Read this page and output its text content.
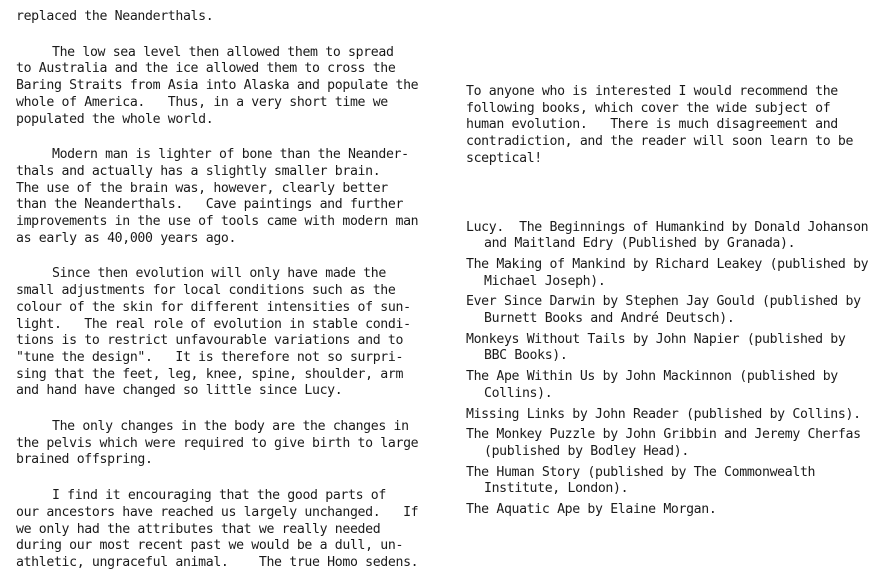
replaced the Neanderthals.
The low sea level then allowed them to spread
to Australia and the ice allowed them to cross the
Baring Straits from Asia into Alaska and populate the
whole of America.   Thus, in a very short time we
populated the whole world.
Modern man is lighter of bone than the Neander-
thals and actually has a slightly smaller brain.
The use of the brain was, however, clearly better
than the Neanderthals.   Cave paintings and further
improvements in the use of tools came with modern man
as early as 40,000 years ago.
Since then evolution will only have made the
small adjustments for local conditions such as the
colour of the skin for different intensities of sun-
light.   The real role of evolution in stable condi-
tions is to restrict unfavourable variations and to
"tune the design".   It is therefore not so surpri-
sing that the feet, leg, knee, spine, shoulder, arm
and hand have changed so little since Lucy.
The only changes in the body are the changes in
the pelvis which were required to give birth to large
brained offspring.
I find it encouraging that the good parts of
our ancestors have reached us largely unchanged.   If
we only had the attributes that we really needed
during our most recent past we would be a dull, un-
athletic, ungraceful animal.    The true Homo sedens.
To anyone who is interested I would recommend the
following books, which cover the wide subject of
human evolution.   There is much disagreement and
contradiction, and the reader will soon learn to be
sceptical!
Lucy.  The Beginnings of Humankind by Donald Johanson
and Maitland Edry (Published by Granada).
The Making of Mankind by Richard Leakey (published by
Michael Joseph).
Ever Since Darwin by Stephen Jay Gould (published by
Burnett Books and André Deutsch).
Monkeys Without Tails by John Napier (published by
BBC Books).
The Ape Within Us by John Mackinnon (published by
Collins).
Missing Links by John Reader (published by Collins).
The Monkey Puzzle by John Gribbin and Jeremy Cherfas
(published by Bodley Head).
The Human Story (published by The Commonwealth
Institute, London).
The Aquatic Ape by Elaine Morgan.
